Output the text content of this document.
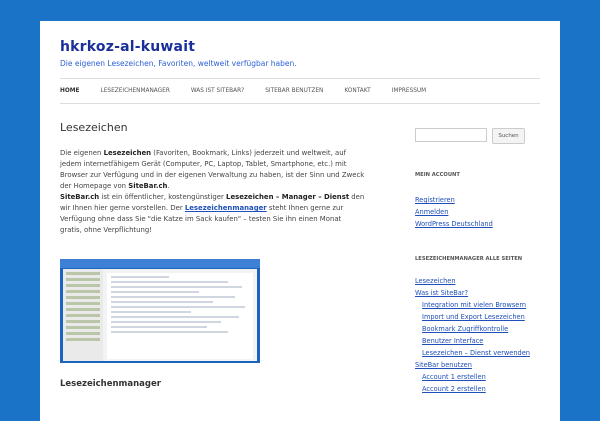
hkrkoz-al-kuwait
Die eigenen Lesezeichen, Favoriten, weltweit verfügbar haben.
HOME	LESEZEICHENMANAGER	WAS IST SITEBAR?	SITEBAR BENUTZEN	KONTAKT	IMPRESSUM
Lesezeichen

Die eigenen Lesezeichen (Favoriten, Bookmark, Links) jederzeit und weltweit, auf jedem internetfähigem Gerät (Computer, PC, Laptop, Tablet, Smartphone, etc.) mit Browser zur Verfügung und in der eigenen Verwaltung zu haben, ist der Sinn und Zweck der Homepage von SiteBar.ch.
SiteBar.ch ist ein öffentlicher, kostengünstiger Lesezeichen – Manager – Dienst den wir Ihnen hier gerne vorstellen. Der Lesezeichenmanager steht Ihnen gerne zur Verfügung ohne dass Sie "die Katze im Sack kaufen" – testen Sie ihn einen Monat gratis, ohne Verpflichtung!

Lesezeichenmanager
Suchen
MEIN ACCOUNT
Registrieren
Anmelden
WordPress Deutschland
LESEZEICHENMANAGER ALLE SEITEN
Lesezeichen
Was ist SiteBar?
Integration mit vielen Browsern
Import und Export Lesezeichen
Bookmark Zugriffkontrolle
Benutzer Interface
Lesezeichen – Dienst verwenden
SiteBar benutzen
Account 1 erstellen
Account 2 erstellen
